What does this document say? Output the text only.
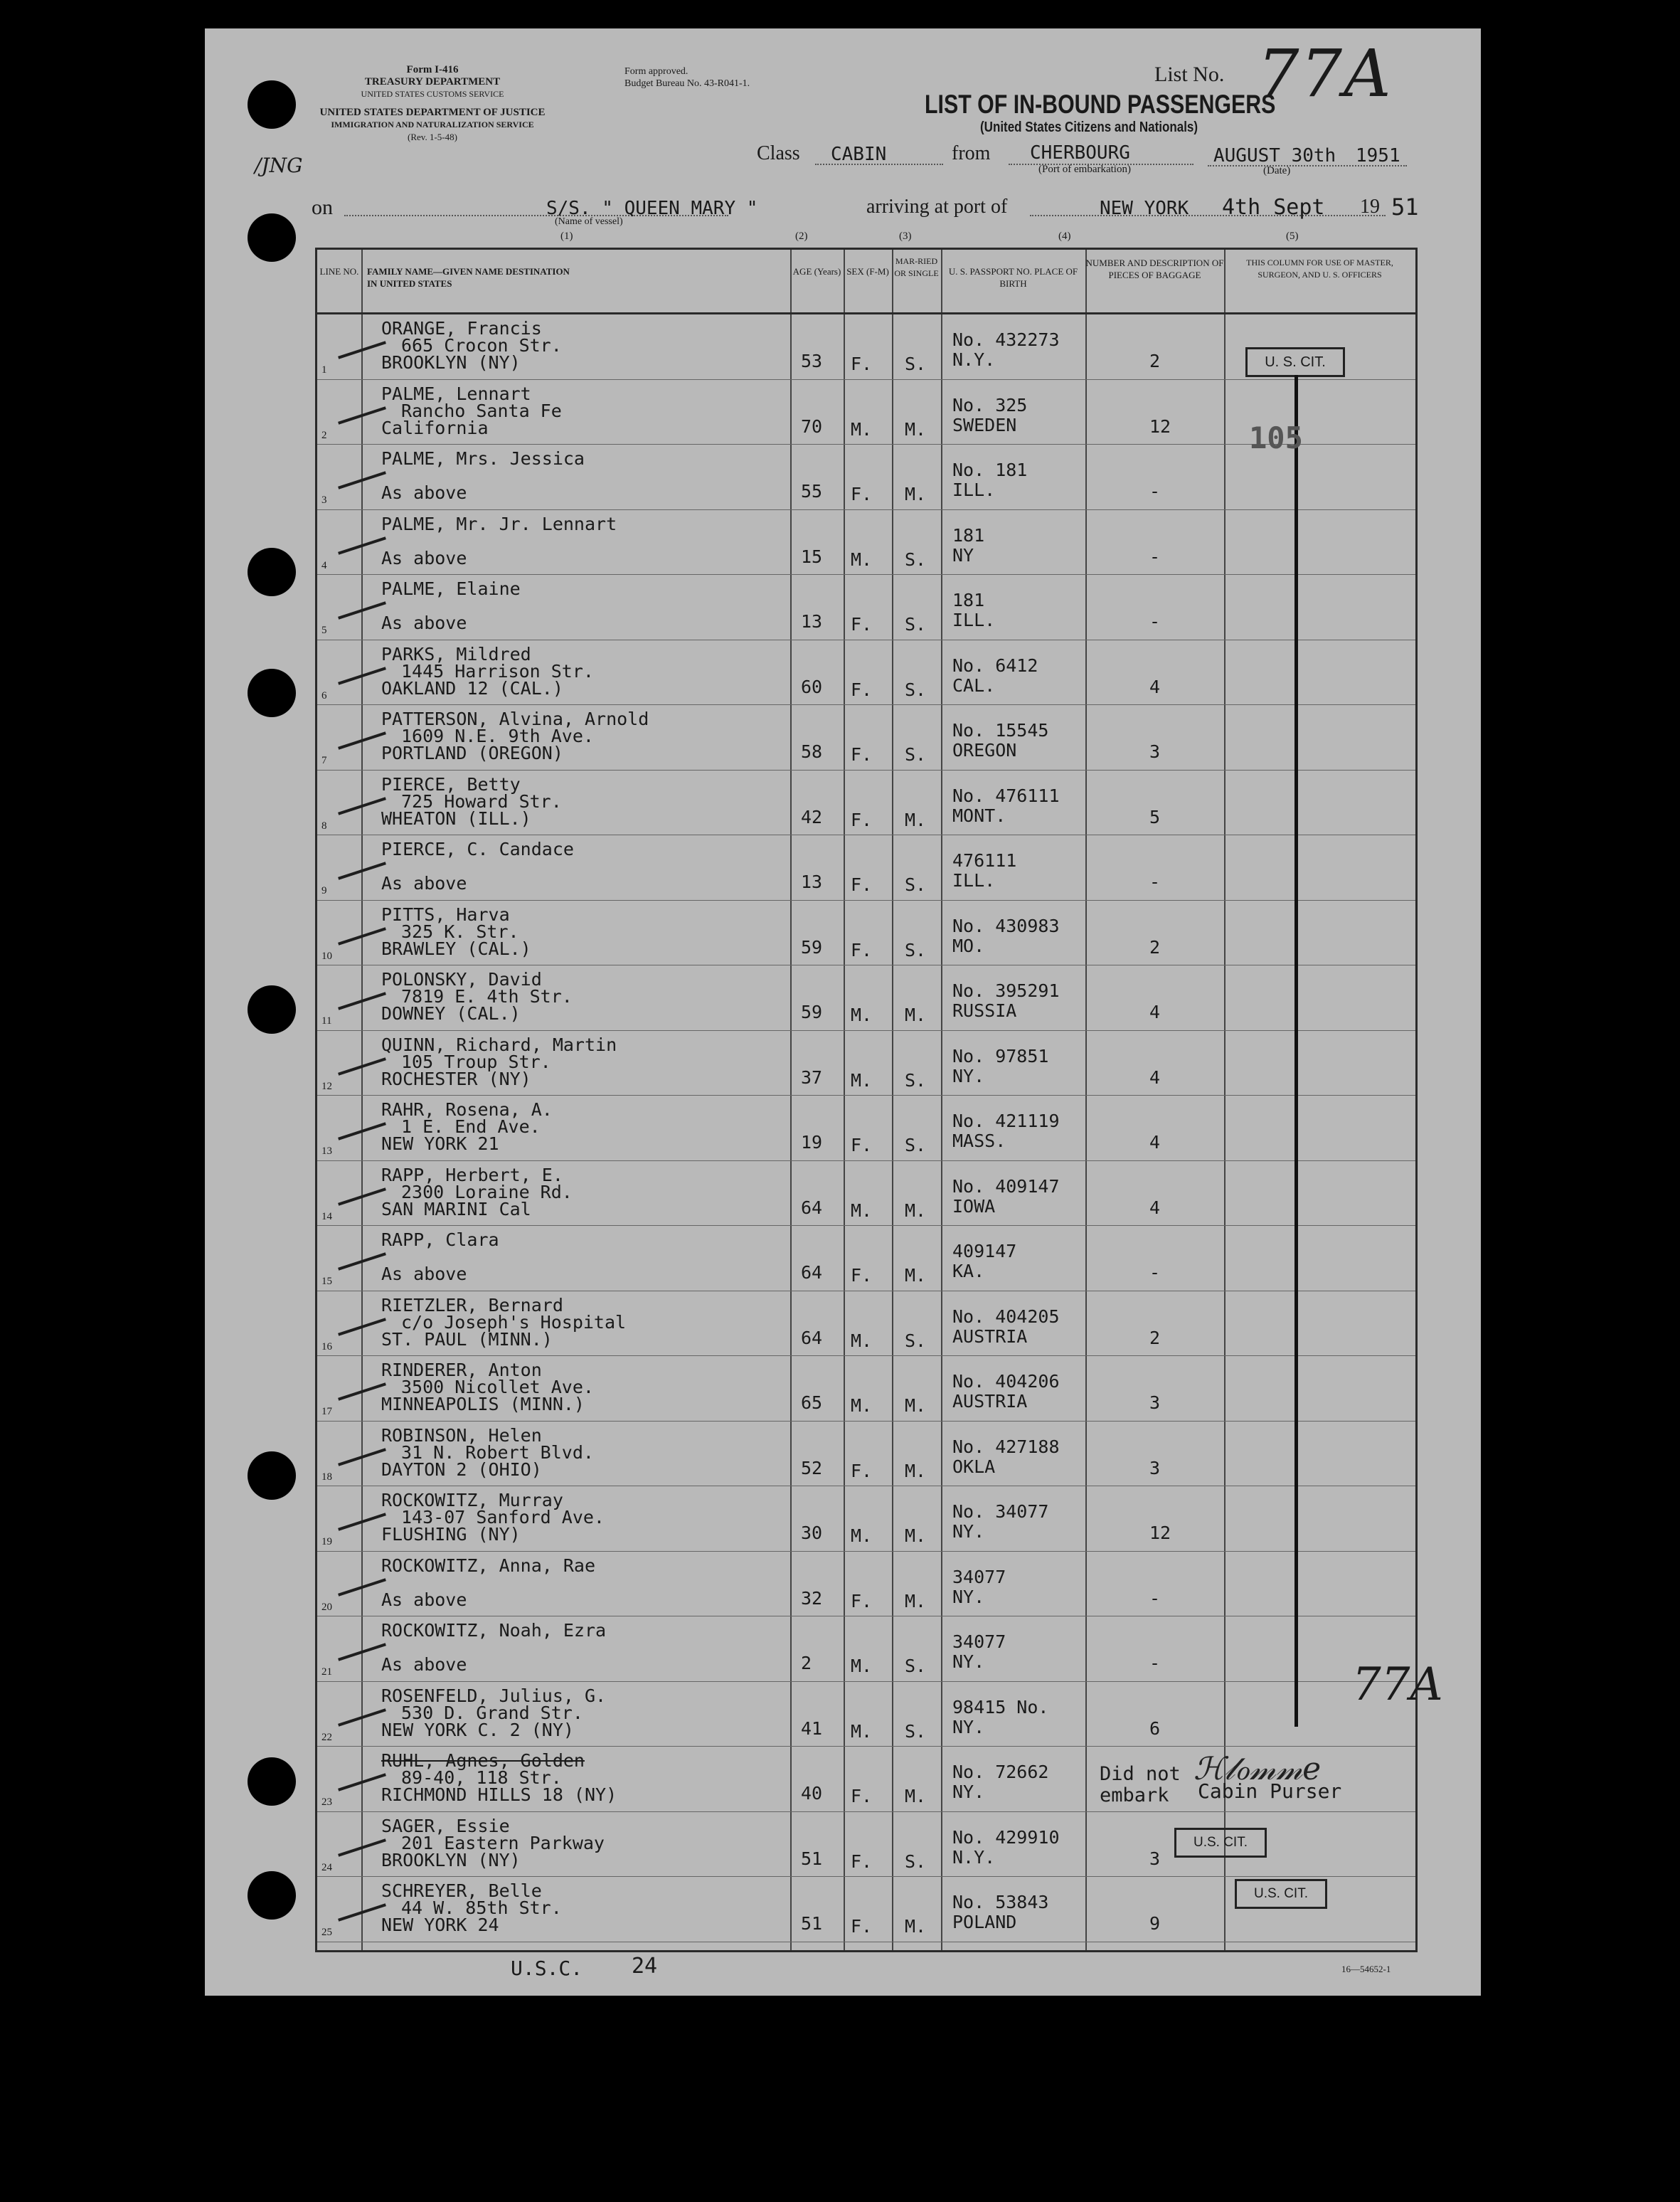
Form I-416
TREASURY DEPARTMENT
UNITED STATES CUSTOMS SERVICE
Form approved.
Budget Bureau No. 43-R041-1.
UNITED STATES DEPARTMENT OF JUSTICE
IMMIGRATION AND NATURALIZATION SERVICE
(Rev. 1-5-48)
List No. 77A
LIST OF IN-BOUND PASSENGERS
(United States Citizens and Nationals)
Class CABIN	from CHERBOURG
(Port of embarkation)
AUGUST 30th 1951
(Date)
/JNG
on	S/S. " QUEEN MARY "
(Name of vessel)
arriving at port of	NEW YORK 4th Sept 19 51
(1)	(2)	(3)	(4)	(5)
LINE NO. FAMILY NAME—GIVEN NAME DESTINATION IN UNITED STATES
AGE (Years) SEX (F-M)
MAR-RIED OR SINGLE	U. S. PASSPORT NO. PLACE OF BIRTH
NUMBER AND DESCRIPTION OF PIECES OF BAGGAGE
THIS COLUMN FOR USE OF MASTER, SURGEON, AND U. S. OFFICERS
1
ORANGE, Francis
665 Crocon Str.
BROOKLYN (NY)	53 F. S.
No. 432273
N.Y.	2
2
PALME, Lennart
Rancho Santa Fe
California	70 M. M.
No. 325
SWEDEN	12
3
PALME, Mrs. Jessica
As above	55 F. M.
No. 181
ILL.	-
4
PALME, Mr. Jr. Lennart
As above	15 M. S.
181
NY	-
5
PALME, Elaine
As above	13 F. S.
181
ILL.	-
6
PARKS, Mildred
1445 Harrison Str.
OAKLAND 12 (CAL.)	60 F. S.
No. 6412
CAL.	4
7
PATTERSON, Alvina, Arnold
1609 N.E. 9th Ave.
PORTLAND (OREGON)	58 F. S.
No. 15545
OREGON	3
8
PIERCE, Betty
725 Howard Str.
WHEATON (ILL.)	42 F. M.
No. 476111
MONT.	5
9
PIERCE, C. Candace
As above	13 F. S.
476111
ILL.	-
10
PITTS, Harva
325 K. Str.
BRAWLEY (CAL.)	59 F. S.
No. 430983
MO.	2
11
POLONSKY, David
7819 E. 4th Str.
DOWNEY (CAL.)	59 M. M.
No. 395291
RUSSIA	4
12
QUINN, Richard, Martin
105 Troup Str.
ROCHESTER (NY)	37 M. S.
No. 97851
NY.	4
13
RAHR, Rosena, A.
1 E. End Ave.
NEW YORK 21	19 F. S.
No. 421119
MASS.	4
14
RAPP, Herbert, E.
2300 Loraine Rd.
SAN MARINI Cal	64 M. M.
No. 409147
IOWA	4
15
RAPP, Clara
As above	64 F. M.
409147
KA.	-
16
RIETZLER, Bernard
c/o Joseph's Hospital
ST. PAUL (MINN.)	64 M. S.
No. 404205
AUSTRIA	2
17
RINDERER, Anton
3500 Nicollet Ave.
MINNEAPOLIS (MINN.)	65 M. M.
No. 404206
AUSTRIA	3
18
ROBINSON, Helen
31 N. Robert Blvd.
DAYTON 2 (OHIO)	52 F. M.
No. 427188
OKLA	3
19
ROCKOWITZ, Murray
143-07 Sanford Ave.
FLUSHING (NY)	30 M. M.
No. 34077
NY.	12
20
ROCKOWITZ, Anna, Rae
As above	32 F. M.
34077
NY.	-
21
ROCKOWITZ, Noah, Ezra
As above	2 M. S.
34077
NY.	-
22
ROSENFELD, Julius, G.
530 D. Grand Str.
NEW YORK C. 2 (NY)	41 M. S.
98415 No.
NY.	6
23
RUHL, Agnes, Golden
89-40, 118 Str.
RICHMOND HILLS 18 (NY)	40 F. M.
No. 72662
NY.
Did not embark
24
SAGER, Essie
201 Eastern Parkway
BROOKLYN (NY)	51 F. S.
No. 429910
N.Y.	3
25
SCHREYER, Belle
44 W. 85th Str.
NEW YORK 24	51 F. M.
No. 53843
POLAND	9
U. S. CIT.
105
77A
Cabin Purser
ℋ𝓁ℴ𝓂𝓂𝑒
U.S. CIT.
U.S. CIT.
U.S.C. 24	16—54652-1
